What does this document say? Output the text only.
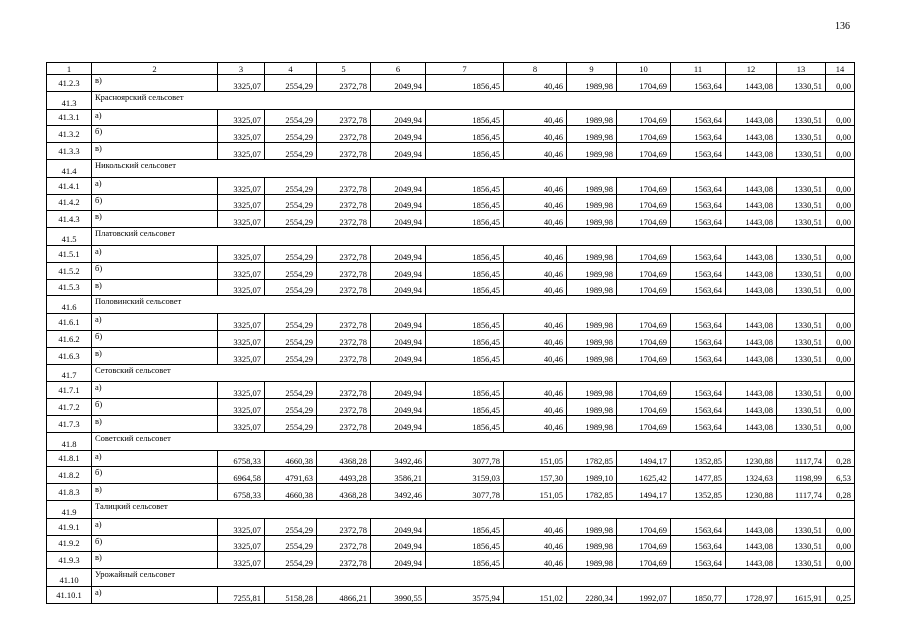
136
1	2	3	4	5	6	7	8	9	10	11	12	13	14
41.2.3	в)	3325,07	2554,29	2372,78	2049,94	1856,45	40,46	1989,98	1704,69	1563,64	1443,08	1330,51	0,00
41.3	Красноярский сельсовет												
41.3.1	а)	3325,07	2554,29	2372,78	2049,94	1856,45	40,46	1989,98	1704,69	1563,64	1443,08	1330,51	0,00
41.3.2	б)	3325,07	2554,29	2372,78	2049,94	1856,45	40,46	1989,98	1704,69	1563,64	1443,08	1330,51	0,00
41.3.3	в)	3325,07	2554,29	2372,78	2049,94	1856,45	40,46	1989,98	1704,69	1563,64	1443,08	1330,51	0,00
41.4	Никольский сельсовет												
41.4.1	а)	3325,07	2554,29	2372,78	2049,94	1856,45	40,46	1989,98	1704,69	1563,64	1443,08	1330,51	0,00
41.4.2	б)	3325,07	2554,29	2372,78	2049,94	1856,45	40,46	1989,98	1704,69	1563,64	1443,08	1330,51	0,00
41.4.3	в)	3325,07	2554,29	2372,78	2049,94	1856,45	40,46	1989,98	1704,69	1563,64	1443,08	1330,51	0,00
41.5	Платовский сельсовет												
41.5.1	а)	3325,07	2554,29	2372,78	2049,94	1856,45	40,46	1989,98	1704,69	1563,64	1443,08	1330,51	0,00
41.5.2	б)	3325,07	2554,29	2372,78	2049,94	1856,45	40,46	1989,98	1704,69	1563,64	1443,08	1330,51	0,00
41.5.3	в)	3325,07	2554,29	2372,78	2049,94	1856,45	40,46	1989,98	1704,69	1563,64	1443,08	1330,51	0,00
41.6	Половинский сельсовет												
41.6.1	а)	3325,07	2554,29	2372,78	2049,94	1856,45	40,46	1989,98	1704,69	1563,64	1443,08	1330,51	0,00
41.6.2	б)	3325,07	2554,29	2372,78	2049,94	1856,45	40,46	1989,98	1704,69	1563,64	1443,08	1330,51	0,00
41.6.3	в)	3325,07	2554,29	2372,78	2049,94	1856,45	40,46	1989,98	1704,69	1563,64	1443,08	1330,51	0,00
41.7	Сетовский сельсовет												
41.7.1	а)	3325,07	2554,29	2372,78	2049,94	1856,45	40,46	1989,98	1704,69	1563,64	1443,08	1330,51	0,00
41.7.2	б)	3325,07	2554,29	2372,78	2049,94	1856,45	40,46	1989,98	1704,69	1563,64	1443,08	1330,51	0,00
41.7.3	в)	3325,07	2554,29	2372,78	2049,94	1856,45	40,46	1989,98	1704,69	1563,64	1443,08	1330,51	0,00
41.8	Советский сельсовет												
41.8.1	а)	6758,33	4660,38	4368,28	3492,46	3077,78	151,05	1782,85	1494,17	1352,85	1230,88	1117,74	0,28
41.8.2	б)	6964,58	4791,63	4493,28	3586,21	3159,03	157,30	1989,10	1625,42	1477,85	1324,63	1198,99	6,53
41.8.3	в)	6758,33	4660,38	4368,28	3492,46	3077,78	151,05	1782,85	1494,17	1352,85	1230,88	1117,74	0,28
41.9	Талицкий сельсовет												
41.9.1	а)	3325,07	2554,29	2372,78	2049,94	1856,45	40,46	1989,98	1704,69	1563,64	1443,08	1330,51	0,00
41.9.2	б)	3325,07	2554,29	2372,78	2049,94	1856,45	40,46	1989,98	1704,69	1563,64	1443,08	1330,51	0,00
41.9.3	в)	3325,07	2554,29	2372,78	2049,94	1856,45	40,46	1989,98	1704,69	1563,64	1443,08	1330,51	0,00
41.10	Урожайный сельсовет												
41.10.1	а)	7255,81	5158,28	4866,21	3990,55	3575,94	151,02	2280,34	1992,07	1850,77	1728,97	1615,91	0,25
